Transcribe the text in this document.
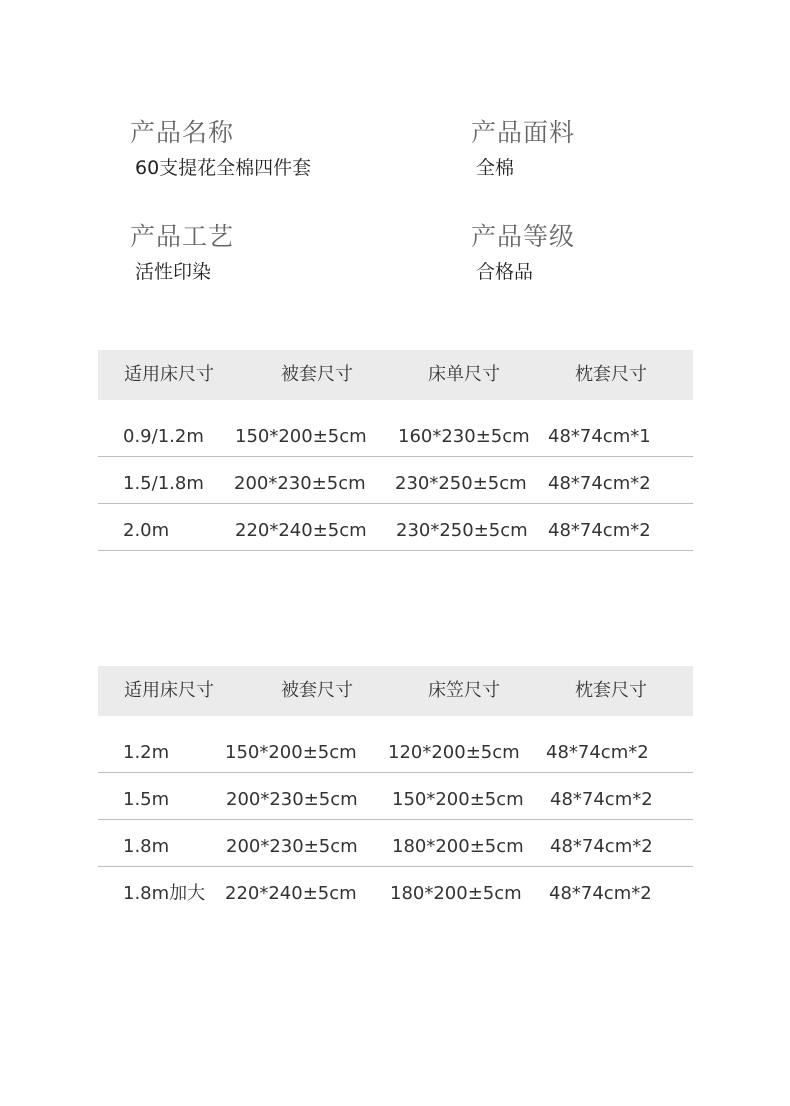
产品名称
60支提花全棉四件套
产品面料
全棉
产品工艺
活性印染
产品等级
合格品
适用床尺寸	被套尺寸	床单尺寸	枕套尺寸
0.9/1.2m 150*200±5cm 160*230±5cm 48*74cm*1
1.5/1.8m 200*230±5cm 230*250±5cm 48*74cm*2
2.0m	220*240±5cm 230*250±5cm 48*74cm*2
适用床尺寸	被套尺寸	床笠尺寸	枕套尺寸
1.2m	150*200±5cm 120*200±5cm 48*74cm*2
1.5m	200*230±5cm 150*200±5cm 48*74cm*2
1.8m	200*230±5cm 180*200±5cm 48*74cm*2
1.8m加大 220*240±5cm 180*200±5cm 48*74cm*2
